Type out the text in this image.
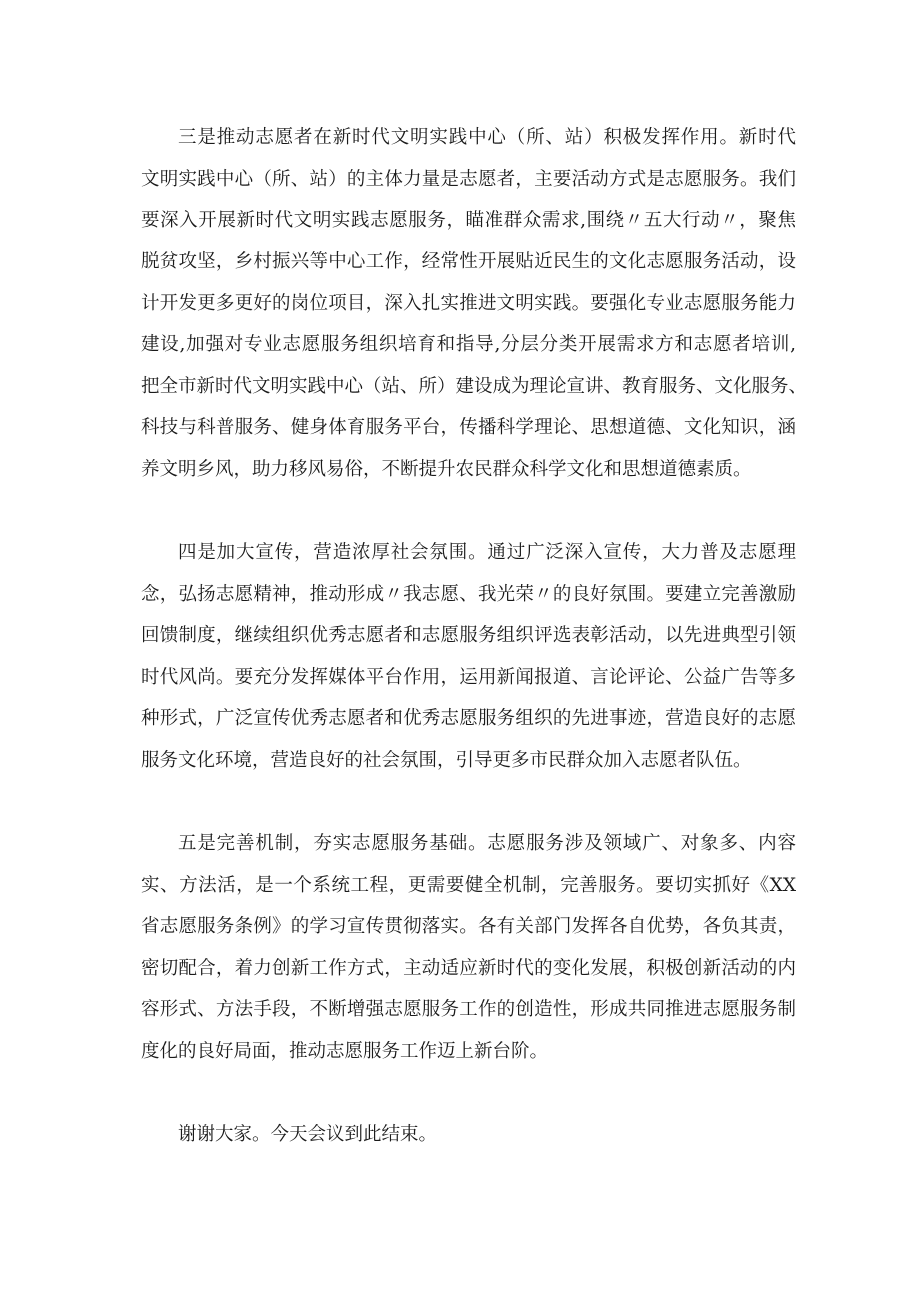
三是推动志愿者在新时代文明实践中心（所、站）积极发挥作用。新时代
文明实践中心（所、站）的主体力量是志愿者，主要活动方式是志愿服务。我们
要深入开展新时代文明实践志愿服务，瞄准群众需求,围绕〃五大行动〃，聚焦
脱贫攻坚，乡村振兴等中心工作，经常性开展贴近民生的文化志愿服务活动，设
计开发更多更好的岗位项目，深入扎实推进文明实践。要强化专业志愿服务能力
建设,加强对专业志愿服务组织培育和指导,分层分类开展需求方和志愿者培训,
把全市新时代文明实践中心（站、所）建设成为理论宣讲、教育服务、文化服务、
科技与科普服务、健身体育服务平台，传播科学理论、思想道德、文化知识，涵
养文明乡风，助力移风易俗，不断提升农民群众科学文化和思想道德素质。
四是加大宣传，营造浓厚社会氛围。通过广泛深入宣传，大力普及志愿理
念，弘扬志愿精神，推动形成〃我志愿、我光荣〃的良好氛围。要建立完善激励
回馈制度，继续组织优秀志愿者和志愿服务组织评选表彰活动，以先进典型引领
时代风尚。要充分发挥媒体平台作用，运用新闻报道、言论评论、公益广告等多
种形式，广泛宣传优秀志愿者和优秀志愿服务组织的先进事迹，营造良好的志愿
服务文化环境，营造良好的社会氛围，引导更多市民群众加入志愿者队伍。
五是完善机制，夯实志愿服务基础。志愿服务涉及领域广、对象多、内容
实、方法活，是一个系统工程，更需要健全机制，完善服务。要切实抓好《XX
省志愿服务条例》的学习宣传贯彻落实。各有关部门发挥各自优势，各负其责，
密切配合，着力创新工作方式，主动适应新时代的变化发展，积极创新活动的内
容形式、方法手段，不断增强志愿服务工作的创造性，形成共同推进志愿服务制
度化的良好局面，推动志愿服务工作迈上新台阶。
谢谢大家。今天会议到此结束。
